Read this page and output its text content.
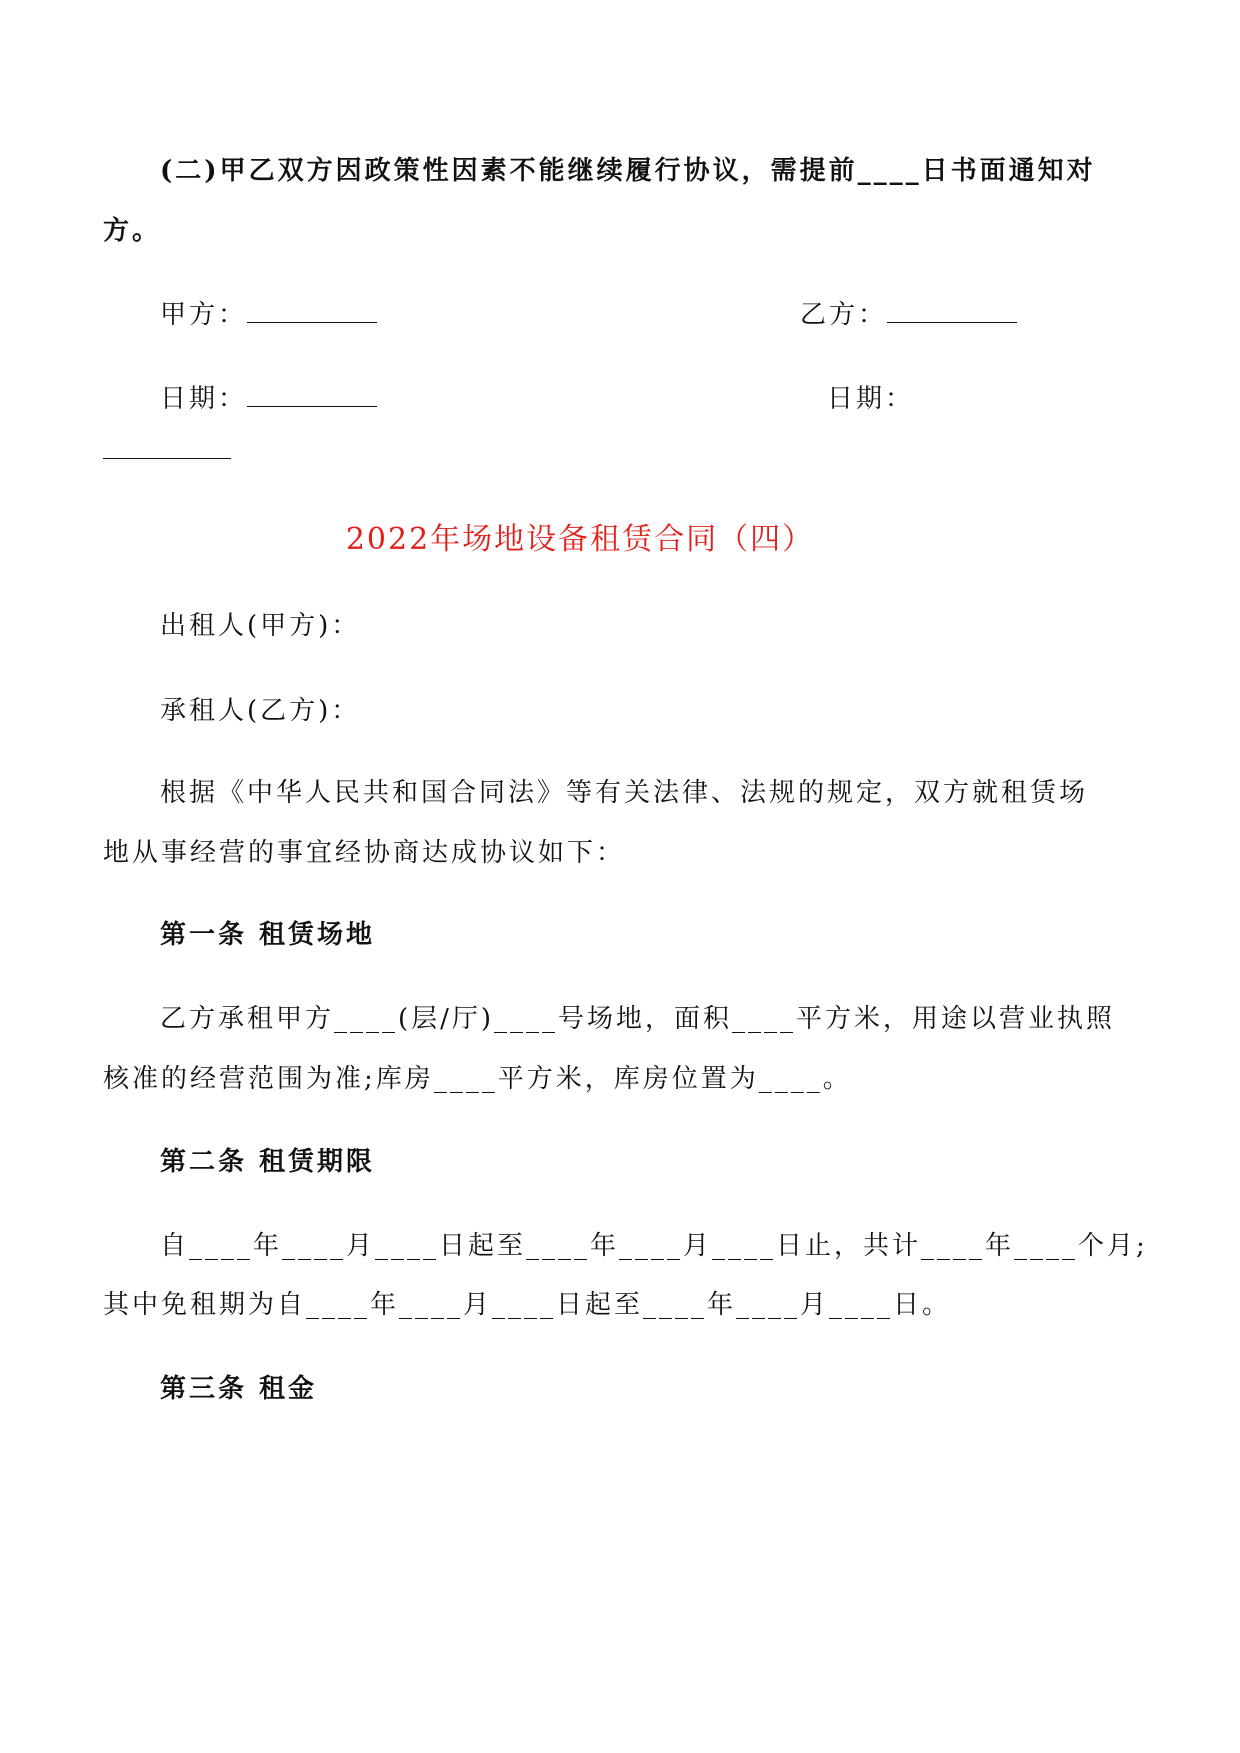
(二)甲乙双方因政策性因素不能继续履行协议，需提前____日书面通知对
方。
甲方：	乙方：
日期：	日期：
2022年场地设备租赁合同（四）
出租人(甲方)：
承租人(乙方)：
根据《中华人民共和国合同法》等有关法律、法规的规定，双方就租赁场
地从事经营的事宜经协商达成协议如下：
第一条 租赁场地
乙方承租甲方____(层/厅)____号场地，面积____平方米，用途以营业执照
核准的经营范围为准;库房____平方米，库房位置为____。
第二条 租赁期限
自____年____月____日起至____年____月____日止，共计____年____个月;
其中免租期为自____年____月____日起至____年____月____日。
第三条 租金
